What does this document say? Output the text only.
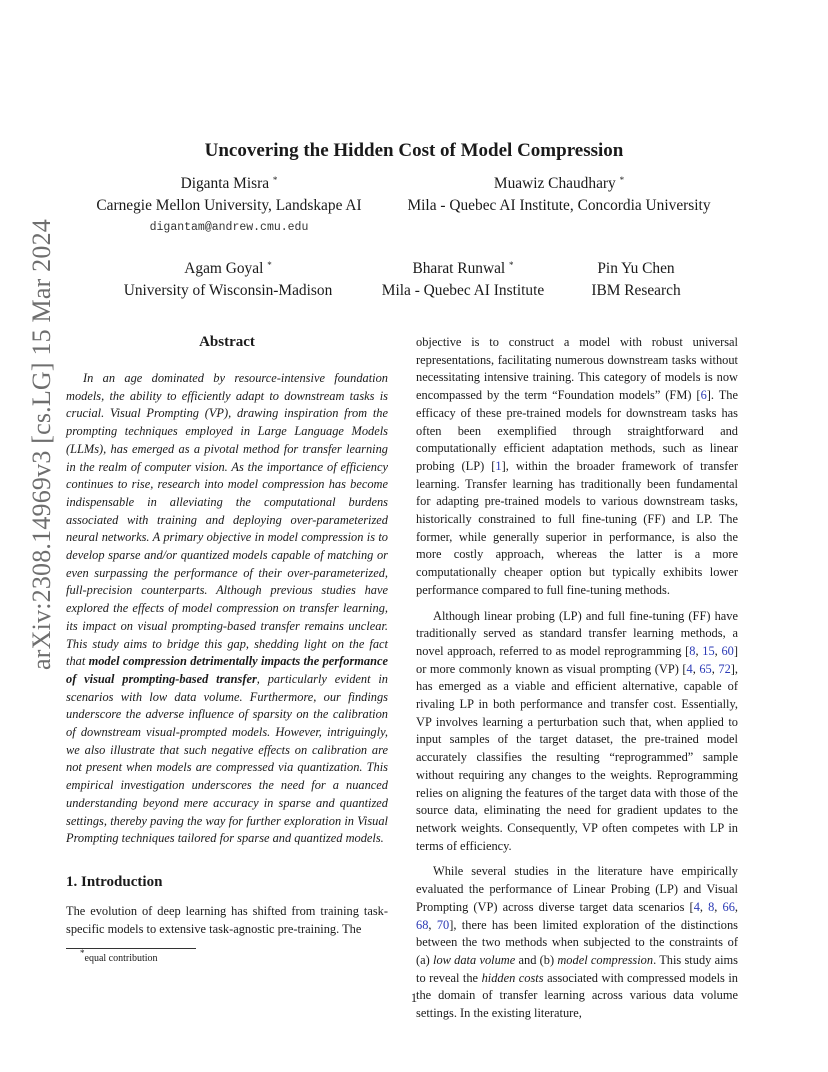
arXiv:2308.14969v3 [cs.LG] 15 Mar 2024
Uncovering the Hidden Cost of Model Compression
Diganta Misra *
Carnegie Mellon University, Landskape AI
digantam@andrew.cmu.edu
Muawiz Chaudhary *
Mila - Quebec AI Institute, Concordia University
Agam Goyal *
University of Wisconsin-Madison
Bharat Runwal *
Mila - Quebec AI Institute
Pin Yu Chen
IBM Research
Abstract

In an age dominated by resource-intensive foundation models, the ability to efficiently adapt to downstream tasks is crucial. Visual Prompting (VP), drawing inspiration from the prompting techniques employed in Large Language Models (LLMs), has emerged as a pivotal method for transfer learning in the realm of computer vision. As the importance of efficiency continues to rise, research into model compression has become indispensable in alleviating the computational burdens associated with training and deploying over-parameterized neural networks. A primary objective in model compression is to develop sparse and/or quantized models capable of matching or even surpassing the performance of their over-parameterized, full-precision counterparts. Although previous studies have explored the effects of model compression on transfer learning, its impact on visual prompting-based transfer remains unclear. This study aims to bridge this gap, shedding light on the fact that model compression detrimentally impacts the performance of visual prompting-based transfer, particularly evident in scenarios with low data volume. Furthermore, our findings underscore the adverse influence of sparsity on the calibration of downstream visual-prompted models. However, intriguingly, we also illustrate that such negative effects on calibration are not present when models are compressed via quantization. This empirical investigation underscores the need for a nuanced understanding beyond mere accuracy in sparse and quantized settings, thereby paving the way for further exploration in Visual Prompting techniques tailored for sparse and quantized models.

1. Introduction

The evolution of deep learning has shifted from training task-specific models to extensive task-agnostic pre-training. The

*equal contribution

objective is to construct a model with robust universal representations, facilitating numerous downstream tasks without necessitating intensive training. This category of models is now encompassed by the term “Foundation models” (FM) [6]. The efficacy of these pre-trained models for downstream tasks has often been exemplified through straightforward and computationally efficient adaptation methods, such as linear probing (LP) [1], within the broader framework of transfer learning. Transfer learning has traditionally been fundamental for adapting pre-trained models to various downstream tasks, historically constrained to full fine-tuning (FF) and LP. The former, while generally superior in performance, is also the more costly approach, whereas the latter is a more computationally cheaper option but typically exhibits lower performance compared to full fine-tuning methods.

Although linear probing (LP) and full fine-tuning (FF) have traditionally served as standard transfer learning methods, a novel approach, referred to as model reprogramming [8, 15, 60] or more commonly known as visual prompting (VP) [4, 65, 72], has emerged as a viable and efficient alternative, capable of rivaling LP in both performance and transfer cost. Essentially, VP involves learning a perturbation such that, when applied to input samples of the target dataset, the pre-trained model accurately classifies the resulting “reprogrammed” sample without requiring any changes to the weights. Reprogramming relies on aligning the features of the target data with those of the source data, eliminating the need for gradient updates to the network weights. Consequently, VP often competes with LP in terms of efficiency.

While several studies in the literature have empirically evaluated the performance of Linear Probing (LP) and Visual Prompting (VP) across diverse target data scenarios [4, 8, 66, 68, 70], there has been limited exploration of the distinctions between the two methods when subjected to the constraints of (a) low data volume and (b) model compression. This study aims to reveal the hidden costs associated with compressed models in the domain of transfer learning across various data volume settings. In the existing literature,

1
